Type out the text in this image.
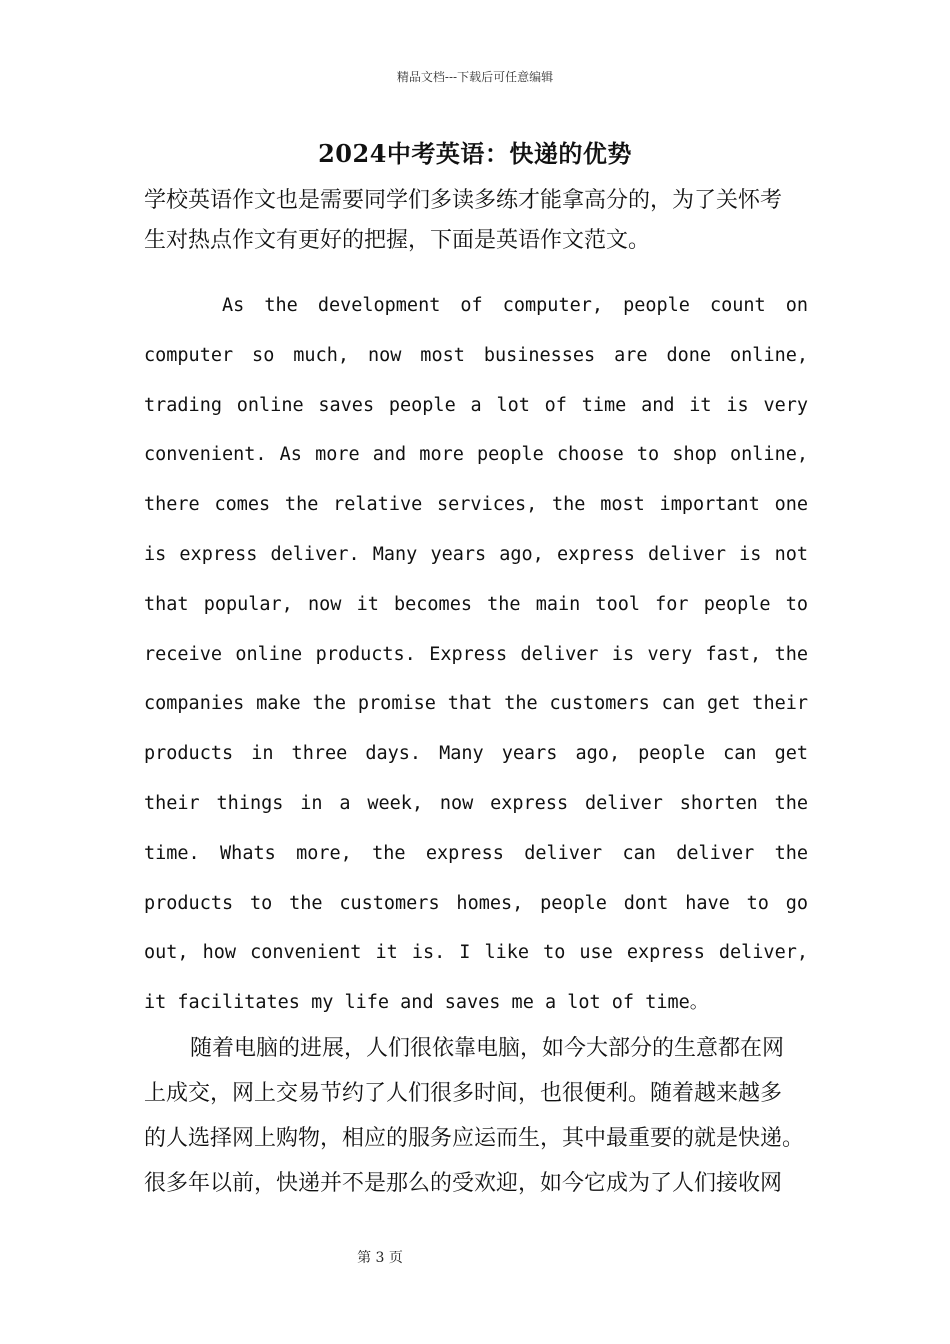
精品文档---下载后可任意编辑
2024中考英语：快递的优势

学校英语作文也是需要同学们多读多练才能拿高分的，为了关怀考
生对热点作文有更好的把握，下面是英语作文范文。

As the development of computer, people count on
computer so much, now most businesses are done online,
trading online saves people a lot of time and it is very
convenient. As more and more people choose to shop online,
there comes the relative services, the most important one
is express deliver. Many years ago, express deliver is not
that popular, now it becomes the main tool for people to
receive online products. Express deliver is very fast, the
companies make the promise that the customers can get their
products in three days. Many years ago, people can get
their things in a week, now express deliver shorten the
time. Whats more, the express deliver can deliver the
products to the customers homes, people dont have to go
out, how convenient it is. I like to use express deliver,
it facilitates my life and saves me a lot of time。

随着电脑的进展，人们很依靠电脑，如今大部分的生意都在网
上成交，网上交易节约了人们很多时间，也很便利。随着越来越多
的人选择网上购物，相应的服务应运而生，其中最重要的就是快递。
很多年以前，快递并不是那么的受欢迎，如今它成为了人们接收网

第 3 页
